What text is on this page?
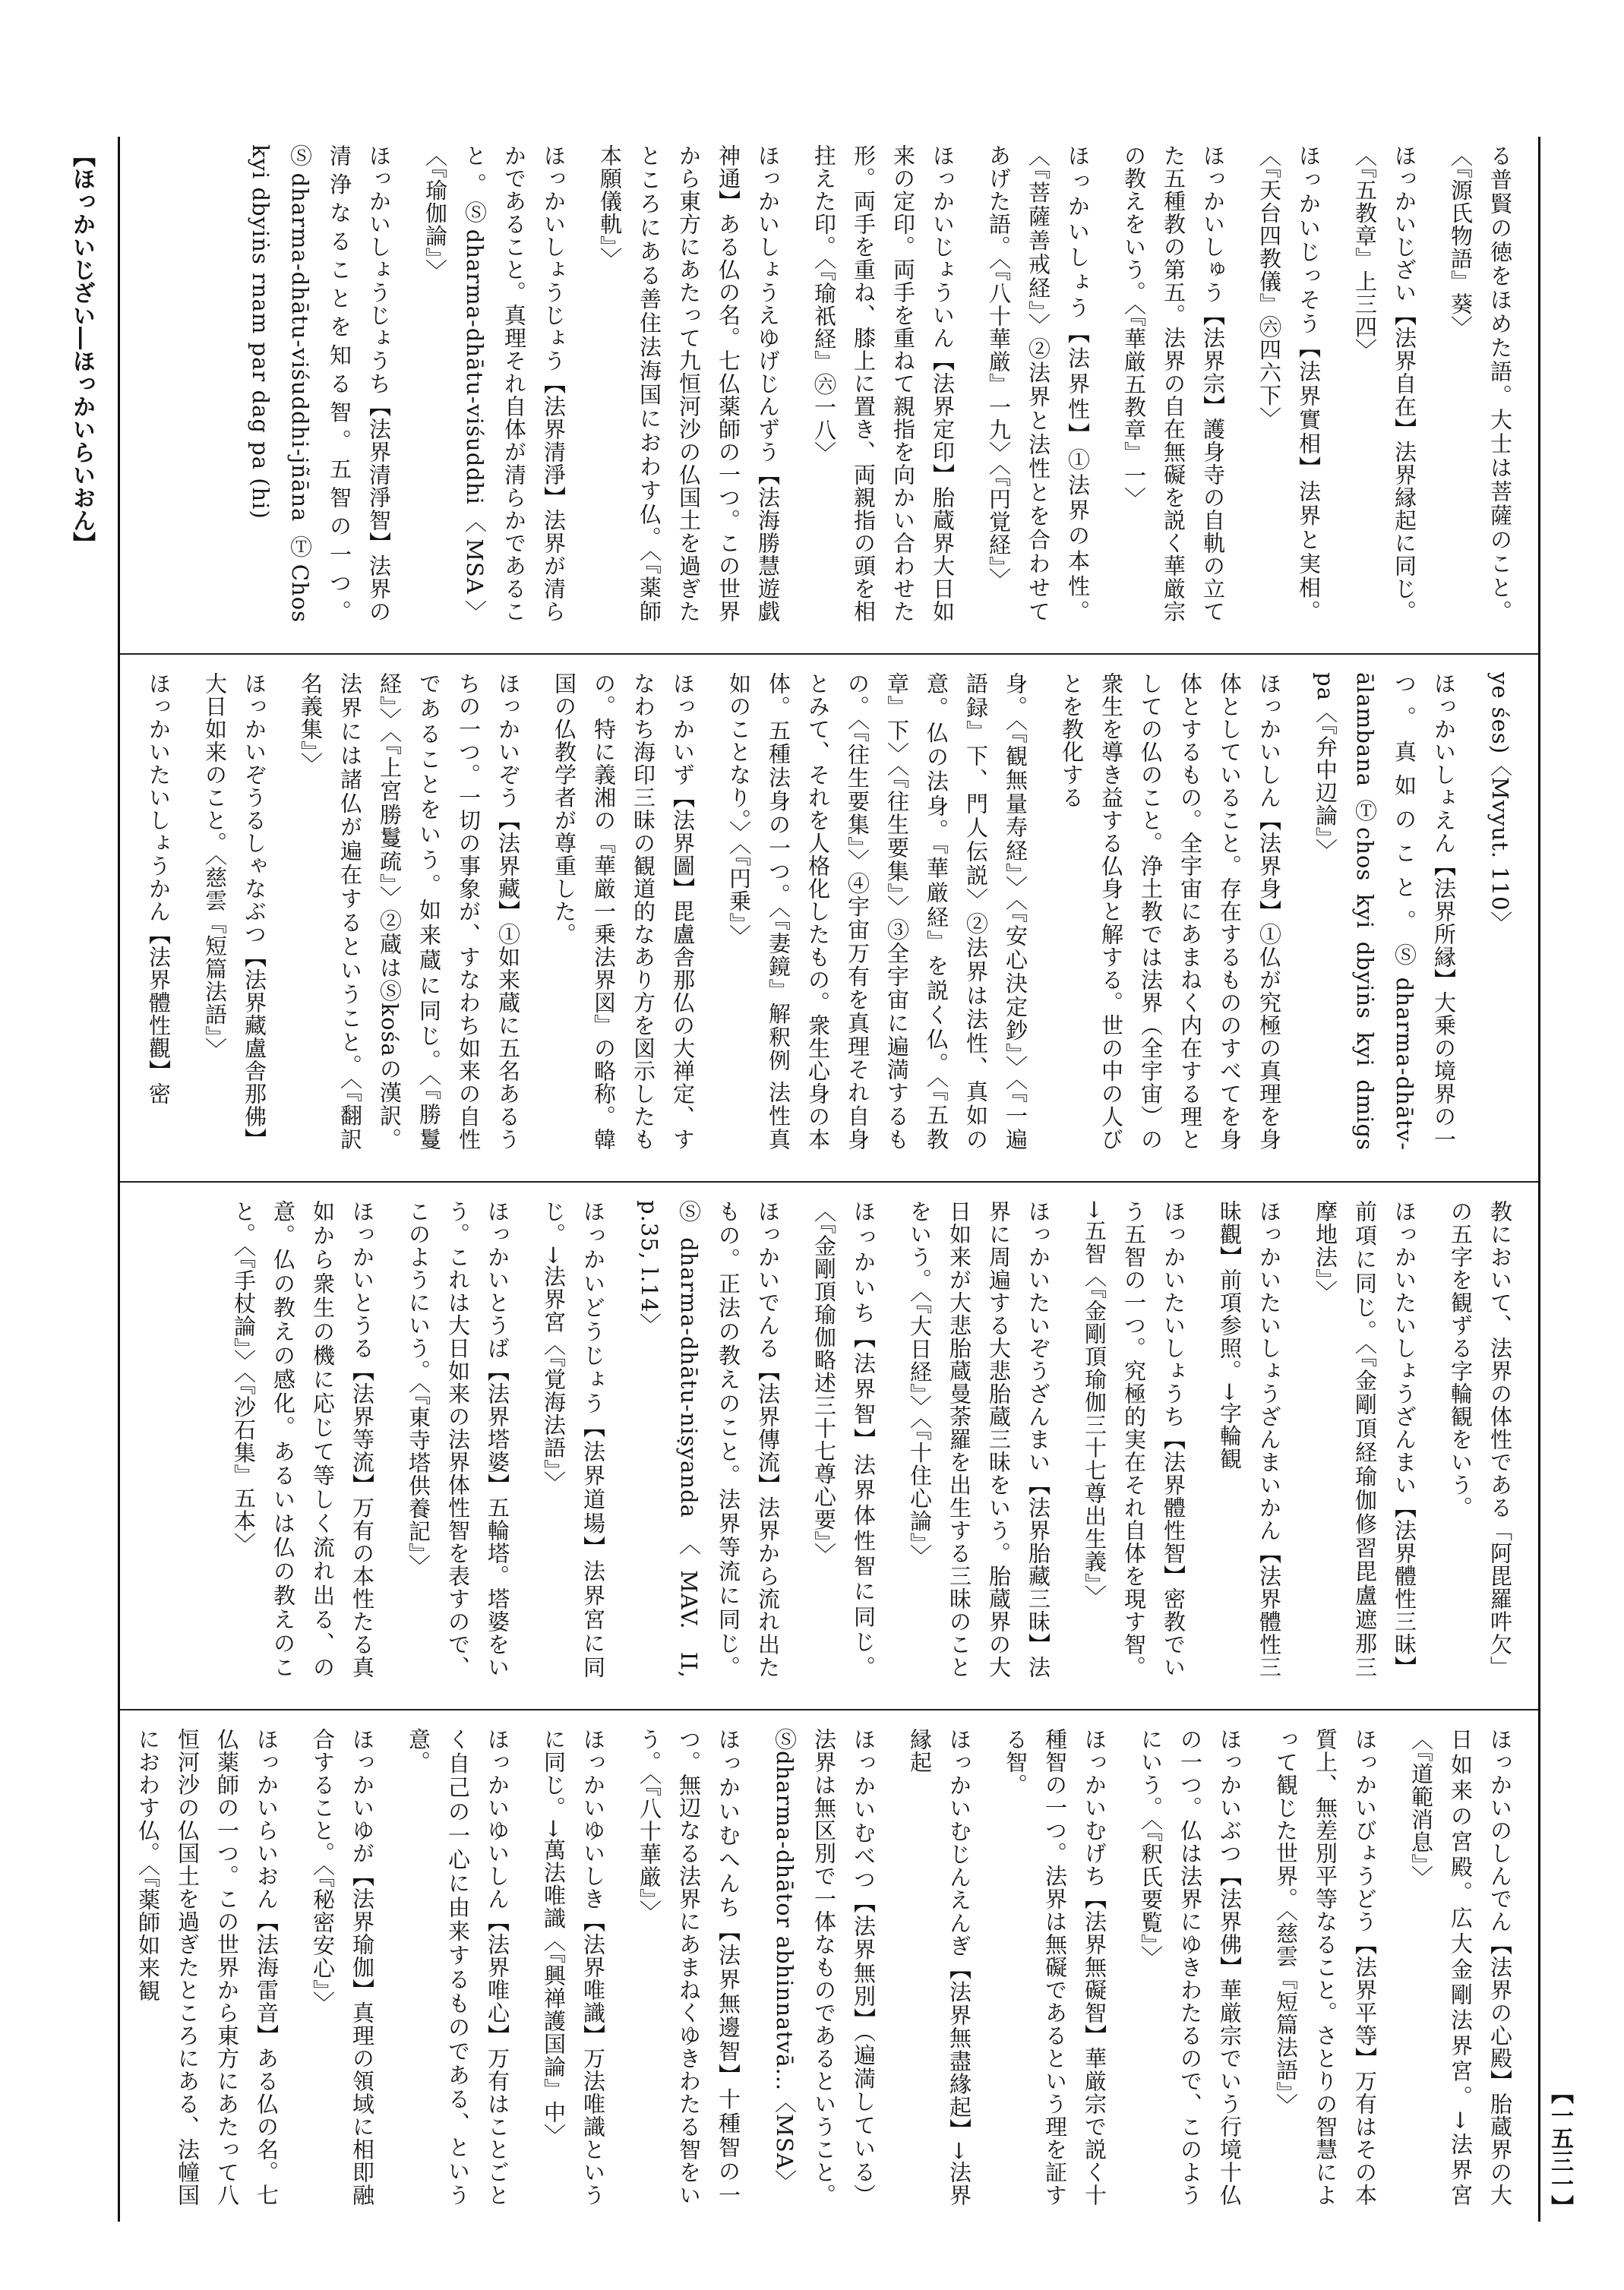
【ほっかいじざい―ほっかいらいおん】
【一五三一】
る普賢の徳をほめた語。大士は菩薩のこと。〈『源氏物語』葵〉
ほっかいじざい【法界自在】法界縁起に同じ。〈『五教章』上三四〉
ほっかいじっそう【法界實相】法界と実相。〈『天台四教儀』㊅四六下〉
ほっかいしゅう【法界宗】護身寺の自軌の立てた五種教の第五。法界の自在無礙を説く華厳宗の教えをいう。〈『華厳五教章』一〉
ほっかいしょう【法界性】①法界の本性。〈『菩薩善戒経』〉②法界と法性とを合わせてあげた語。〈『八十華厳』一九〉〈『円覚経』〉
ほっかいじょういん【法界定印】胎蔵界大日如来の定印。両手を重ねて親指を向かい合わせた形。両手を重ね、膝上に置き、両親指の頭を相拄えた印。〈『瑜祇経』㊅一八〉
ほっかいしょうえゆげじんずう【法海勝慧遊戯神通】ある仏の名。七仏薬師の一つ。この世界から東方にあたって九恒河沙の仏国土を過ぎたところにある善住法海国におわす仏。〈『薬師本願儀軌』〉
ほっかいしょうじょう【法界清淨】法界が清らかであること。真理それ自体が清らかであること。Ⓢdharma-dhātu-viśuddhi〈MSA〉〈『瑜伽論』〉
ほっかいしょうじょうち【法界清淨智】法界の清浄なることを知る智。五智の一つ。Ⓢdharma-dhātu-viśuddhi-jñāna ⓉChos kyi dbyiṅs rnam par dag pa (hi)
ye śes)〈Mvyut. 110〉
ほっかいしょえん【法界所縁】大乗の境界の一つ。真如のこと。Ⓢdharma-dhātv-ālambana Ⓣchos kyi dbyiṅs kyi dmigs pa〈『弁中辺論』〉
ほっかいしん【法界身】①仏が究極の真理を身体としていること。存在するもののすべてを身体とするもの。全宇宙にあまねく内在する理としての仏のこと。浄土教では法界（全宇宙）の衆生を導き益する仏身と解する。世の中の人びとを教化する
身。〈『観無量寿経』〉〈『安心決定鈔』〉〈『一遍語録』下、門人伝説〉②法界は法性、真如の意。仏の法身。『華厳経』を説く仏。〈『五教章』下〉〈『往生要集』〉③全宇宙に遍満するもの。〈『往生要集』〉④宇宙万有を真理それ自身とみて、それを人格化したもの。衆生心身の本体。五種法身の一つ。〈『妻鏡』解釈例 法性真如のことなり。〉〈『円乗』〉
ほっかいず【法界圖】毘盧舎那仏の大禅定、すなわち海印三昧の観道的なあり方を図示したもの。特に義湘の『華厳一乗法界図』の略称。韓国の仏教学者が尊重した。
ほっかいぞう【法界藏】①如来蔵に五名あるうちの一つ。一切の事象が、すなわち如来の自性であることをいう。如来蔵に同じ。〈『勝鬘経』〉〈『上宮勝鬘疏』〉②蔵はⓈkośaの漢訳。法界には諸仏が遍在するということ。〈『翻訳名義集』〉
ほっかいぞうるしゃなぶつ【法界藏盧舎那佛】大日如来のこと。〈慈雲『短篇法語』〉
ほっかいたいしょうかん【法界體性觀】密
教において、法界の体性である「阿毘羅吽欠」の五字を観ずる字輪観をいう。
ほっかいたいしょうざんまい【法界體性三昧】前項に同じ。〈『金剛頂経瑜伽修習毘盧遮那三摩地法』〉
ほっかいたいしょうざんまいかん【法界體性三昧觀】前項参照。→字輪観
ほっかいたいしょうち【法界體性智】密教でいう五智の一つ。究極的実在それ自体を現す智。→五智〈『金剛頂瑜伽三十七尊出生義』〉
ほっかいたいぞうざんまい【法界胎藏三昧】法界に周遍する大悲胎蔵三昧をいう。胎蔵界の大日如来が大悲胎蔵曼荼羅を出生する三昧のことをいう。〈『大日経』〉〈『十住心論』〉
ほっかいち【法界智】法界体性智に同じ。〈『金剛頂瑜伽略述三十七尊心要』〉
ほっかいでんる【法界傳流】法界から流れ出たもの。正法の教えのこと。法界等流に同じ。Ⓢdharma-dhātu-niṣyanda〈MAV. II, p.35, l.14〉
ほっかいどうじょう【法界道場】法界宮に同じ。→法界宮〈『覚海法語』〉
ほっかいとうば【法界塔婆】五輪塔。塔婆をいう。これは大日如来の法界体性智を表すので、このようにいう。〈『東寺塔供養記』〉
ほっかいとうる【法界等流】万有の本性たる真如から衆生の機に応じて等しく流れ出る、の意。仏の教えの感化。あるいは仏の教えのこと。〈『手杖論』〉〈『沙石集』五本〉
ほっかいのしんでん【法界の心殿】胎蔵界の大日如来の宮殿。広大金剛法界宮。→法界宮〈『道範消息』〉
ほっかいびょうどう【法界平等】万有はその本質上、無差別平等なること。さとりの智慧によって観じた世界。〈慈雲『短篇法語』〉
ほっかいぶつ【法界佛】華厳宗でいう行境十仏の一つ。仏は法界にゆきわたるので、このようにいう。〈『釈氏要覧』〉
ほっかいむげち【法界無礙智】華厳宗で説く十種智の一つ。法界は無礙であるという理を証する智。
ほっかいむじんえんぎ【法界無盡緣起】→法界縁起
ほっかいむべつ【法界無別】（遍満している）法界は無区別で一体なものであるということ。Ⓢdharma-dhātor abhinnatvā...〈MSA〉
ほっかいむへんち【法界無邊智】十種智の一つ。無辺なる法界にあまねくゆきわたる智をいう。〈『八十華厳』〉
ほっかいゆいしき【法界唯識】万法唯識というに同じ。→萬法唯識〈『興禅護国論』中〉
ほっかいゆいしん【法界唯心】万有はことごとく自己の一心に由来するものである、という意。
ほっかいゆが【法界瑜伽】真理の領域に相即融合すること。〈『秘密安心』〉
ほっかいらいおん【法海雷音】ある仏の名。七仏薬師の一つ。この世界から東方にあたって八恒河沙の仏国土を過ぎたところにある、法幢国におわす仏。〈『薬師如来観
